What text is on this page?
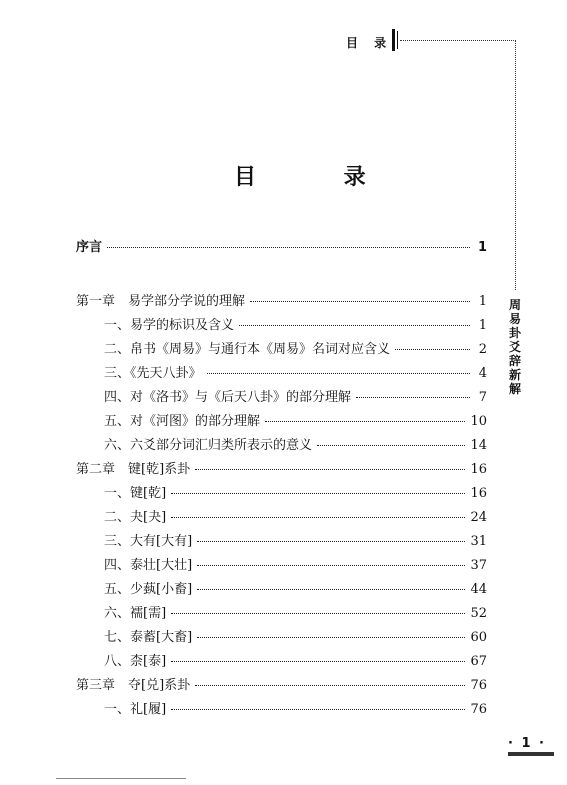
目 录
周易卦爻辞新解
目 录
序言	1
第一章　易学部分学说的理解	1
一、易学的标识及含义	1
二、帛书《周易》与通行本《周易》名词对应含义	2
三、《先天八卦》	4
四、对《洛书》与《后天八卦》的部分理解	7
五、对《河图》的部分理解	10
六、六爻部分词汇归类所表示的意义	14
第二章　键[乾]系卦	16
一、键[乾]	16
二、夬[夬]	24
三、大有[大有]	31
四、泰壮[大壮]	37
五、少蓺[小畜]	44
六、襦[需]	52
七、泰蓄[大畜]	60
八、柰[泰]	67
第三章　夺[兑]系卦	76
一、礼[履]	76
· 1 ·
